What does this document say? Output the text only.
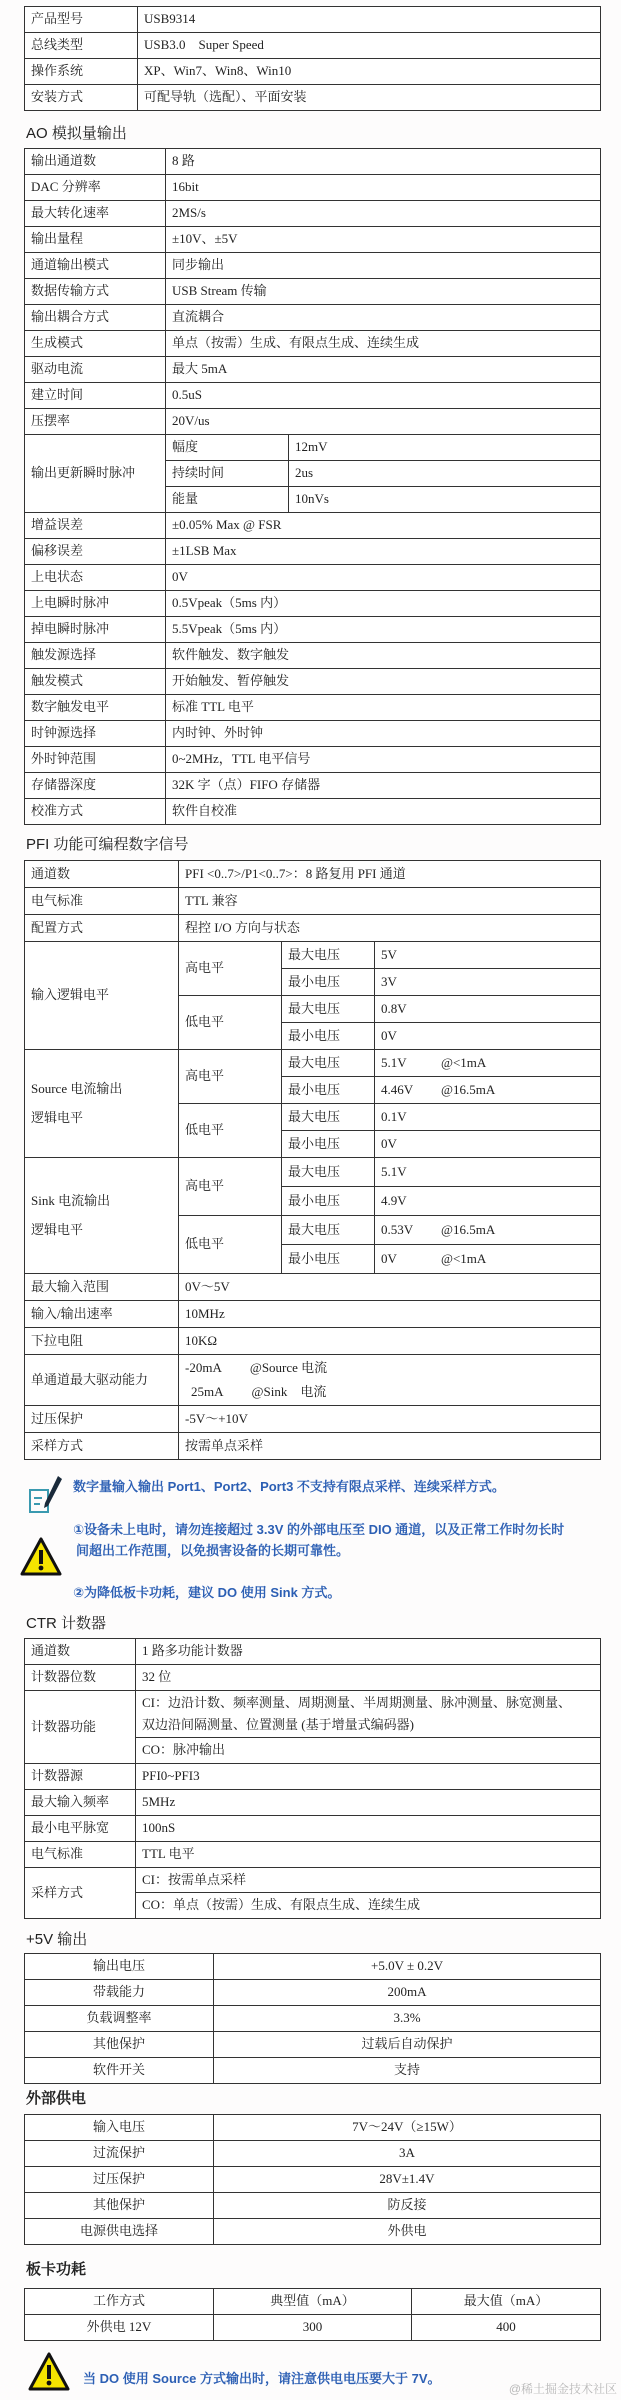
产品型号	USB9314
总线类型	USB3.0　Super Speed
操作系统	XP、Win7、Win8、Win10
安装方式	可配导轨（选配）、平面安装
AO 模拟量输出
输出通道数	8 路	
DAC 分辨率	16bit	
最大转化速率	2MS/s	
输出量程	±10V、±5V	
通道输出模式	同步输出	
数据传输方式	USB Stream 传输	
输出耦合方式	直流耦合	
生成模式	单点（按需）生成、有限点生成、连续生成	
驱动电流	最大 5mA	
建立时间	0.5uS	
压摆率	20V/us	
输出更新瞬时脉冲	幅度	12mV
	持续时间	2us
	能量	10nVs
增益误差	±0.05% Max @ FSR	
偏移误差	±1LSB Max	
上电状态	0V	
上电瞬时脉冲	0.5Vpeak（5ms 内）	
掉电瞬时脉冲	5.5Vpeak（5ms 内）	
触发源选择	软件触发、数字触发	
触发模式	开始触发、暂停触发	
数字触发电平	标准 TTL 电平	
时钟源选择	内时钟、外时钟	
外时钟范围	0~2MHz，TTL 电平信号	
存储器深度	32K 字（点）FIFO 存储器	
校准方式	软件自校准	
PFI 功能可编程数字信号
通道数	PFI <0..7>/P1<0..7>：8 路复用 PFI 通道		
电气标准	TTL 兼容		
配置方式	程控 I/O 方向与状态		

输入逻辑电平	高电平	最大电压	5V
		最小电压	3V
	低电平	最大电压	0.8V
		最小电压	0V

Source 电流输出
逻辑电平	高电平	最大电压	5.1V @<1mA
		最小电压	4.46V @16.5mA
	低电平	最大电压	0.1V
		最小电压	0V

Sink 电流输出
逻辑电平	高电平	最大电压	5.1V
		最小电压	4.9V
	低电平	最大电压	0.53V @16.5mA
		最小电压	0V @<1mA
最大输入范围	0V～5V		
输入/输出速率	10MHz		
下拉电阻	10KΩ		
单通道最大驱动能力	-20mA @Source 电流
25mA @Sink　电流		

过压保护	-5V～+10V		
采样方式	按需单点采样		
数字量输入输出 Port1、Port2、Port3 不支持有限点采样、连续采样方式。
①设备未上电时，请勿连接超过 3.3V 的外部电压至 DIO 通道，以及正常工作时勿长时
间超出工作范围，以免损害设备的长期可靠性。
②为降低板卡功耗，建议 DO 使用 Sink 方式。
CTR 计数器
通道数	1 路多功能计数器
计数器位数	32 位
计数器功能	CI：边沿计数、频率测量、周期测量、半周期测量、脉冲测量、脉宽测量、
双边沿间隔测量、位置测量 (基于增量式编码器)

	CO：脉冲输出
计数器源	PFI0~PFI3
最大输入频率	5MHz
最小电平脉宽	100nS
电气标准	TTL 电平
采样方式	CI：按需单点采样
	CO：单点（按需）生成、有限点生成、连续生成
+5V 输出
输出电压	+5.0V ± 0.2V
带载能力	200mA
负载调整率	3.3%
其他保护	过载后自动保护
软件开关	支持
外部供电
输入电压	7V～24V（≥15W）
过流保护	3A
过压保护	28V±1.4V
其他保护	防反接
电源供电选择	外供电
板卡功耗
工作方式	典型值（mA）	最大值（mA）
外供电 12V	300	400
当 DO 使用 Source 方式输出时，请注意供电电压要大于 7V。
@稀土掘金技术社区
